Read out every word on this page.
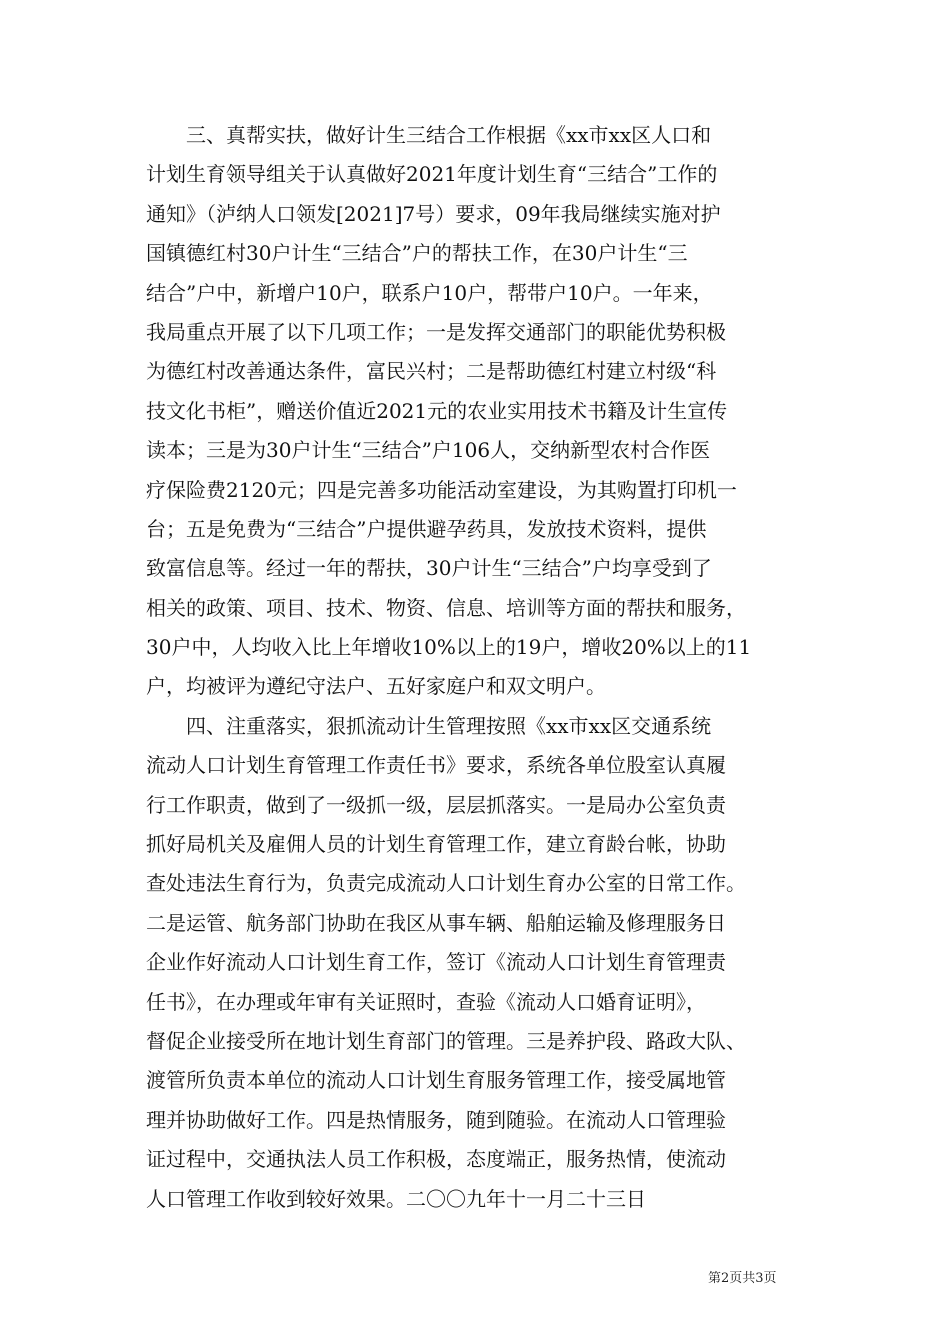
　　三、真帮实扶，做好计生三结合工作根据《xx市xx区人口和
计划生育领导组关于认真做好2021年度计划生育“三结合”工作的
通知》（泸纳人口领发[2021]7号）要求，09年我局继续实施对护
国镇德红村30户计生“三结合”户的帮扶工作，在30户计生“三
结合”户中，新增户10户，联系户10户，帮带户10户。一年来，
我局重点开展了以下几项工作；一是发挥交通部门的职能优势积极
为德红村改善通达条件，富民兴村；二是帮助德红村建立村级“科
技文化书柜”，赠送价值近2021元的农业实用技术书籍及计生宣传
读本；三是为30户计生“三结合”户106人，交纳新型农村合作医
疗保险费2120元；四是完善多功能活动室建设，为其购置打印机一
台；五是免费为“三结合”户提供避孕药具，发放技术资料，提供
致富信息等。经过一年的帮扶，30户计生“三结合”户均享受到了
相关的政策、项目、技术、物资、信息、培训等方面的帮扶和服务，
30户中，人均收入比上年增收10%以上的19户，增收20%以上的11
户，均被评为遵纪守法户、五好家庭户和双文明户。
　　四、注重落实，狠抓流动计生管理按照《xx市xx区交通系统
流动人口计划生育管理工作责任书》要求，系统各单位股室认真履
行工作职责，做到了一级抓一级，层层抓落实。一是局办公室负责
抓好局机关及雇佣人员的计划生育管理工作，建立育龄台帐，协助
查处违法生育行为，负责完成流动人口计划生育办公室的日常工作。
二是运管、航务部门协助在我区从事车辆、船舶运输及修理服务日
企业作好流动人口计划生育工作，签订《流动人口计划生育管理责
任书》，在办理或年审有关证照时，查验《流动人口婚育证明》，
督促企业接受所在地计划生育部门的管理。三是养护段、路政大队、
渡管所负责本单位的流动人口计划生育服务管理工作，接受属地管
理并协助做好工作。四是热情服务，随到随验。在流动人口管理验
证过程中，交通执法人员工作积极，态度端正，服务热情，使流动
人口管理工作收到较好效果。二〇〇九年十一月二十三日
第2页共3页
